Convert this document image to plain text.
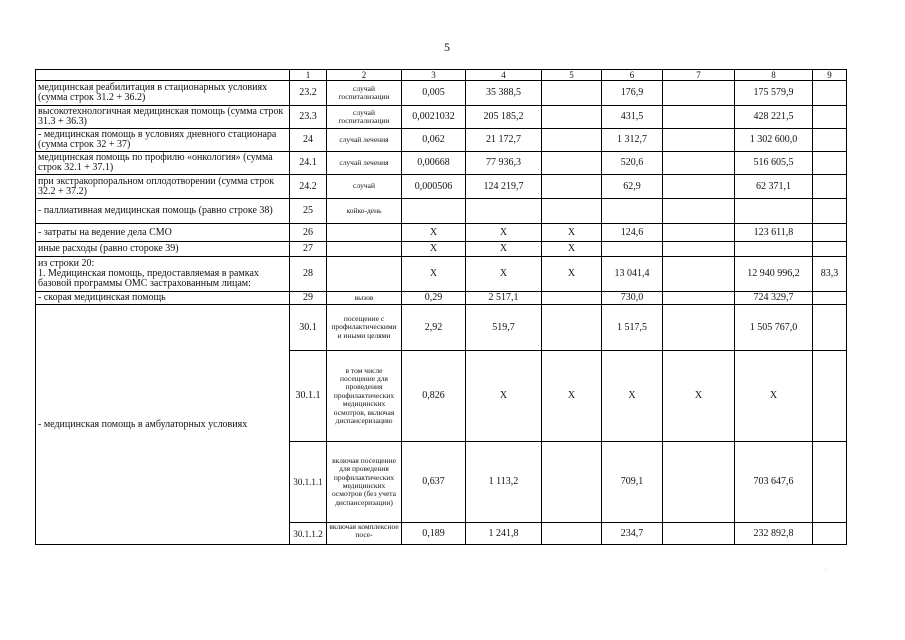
5
	1	2	3	4	5	6	7	8	9
медицинская реабилитация в стационарных условиях (сумма строк 31.2 + 36.2)	23.2	случай госпитализации	0,005	35 388,5		176,9		175 579,9	
высокотехнологичная медицинская помощь (сумма строк 31.3 + 36.3)	23.3	случай госпитализации	0,0021032	205 185,2		431,5		428 221,5	
- медицинская помощь в условиях дневного стационара (сумма строк 32 + 37)	24	случай лечения	0,062	21 172,7		1 312,7		1 302 600,0	
медицинская помощь по профилю «онкология» (сумма строк 32.1 + 37.1)	24.1	случай лечения	0,00668	77 936,3		520,6		516 605,5	
при экстракорпоральном оплодотворении (сумма строк 32.2 + 37.2)	24.2	случай	0,000506	124 219,7		62,9		62 371,1	
- паллиативная медицинская помощь (равно строке 38)	25	койко-день							
- затраты на ведение дела СМО	26		Х	Х	Х	124,6		123 611,8	
иные расходы (равно стороке 39)	27		Х	Х	Х				
из строки 20:
1. Медицинская помощь, предоставляемая в рамках базовой программы ОМС застрахованным лицам:	28		Х	Х	Х	13 041,4		12 940 996,2	83,3
- скорая медицинская помощь	29	вызов	0,29	2 517,1		730,0		724 329,7	
- медицинская помощь в амбулаторных условиях	30.1	посещение с профилактическими и иными целями	2,92	519,7		1 517,5		1 505 767,0	
	30.1.1	в том числе посещение для проведения профилактических медицинских осмотров, включая диспансеризацию	0,826	Х	Х	Х	Х	Х	
	30.1.1.1	включая посещение для проведения профилактических медицинских осмотров (без учета диспансеризации)	0,637	1 113,2		709,1		703 647,6	
	30.1.1.2	включая комплексное посе-	0,189	1 241,8		234,7		232 892,8	
·
